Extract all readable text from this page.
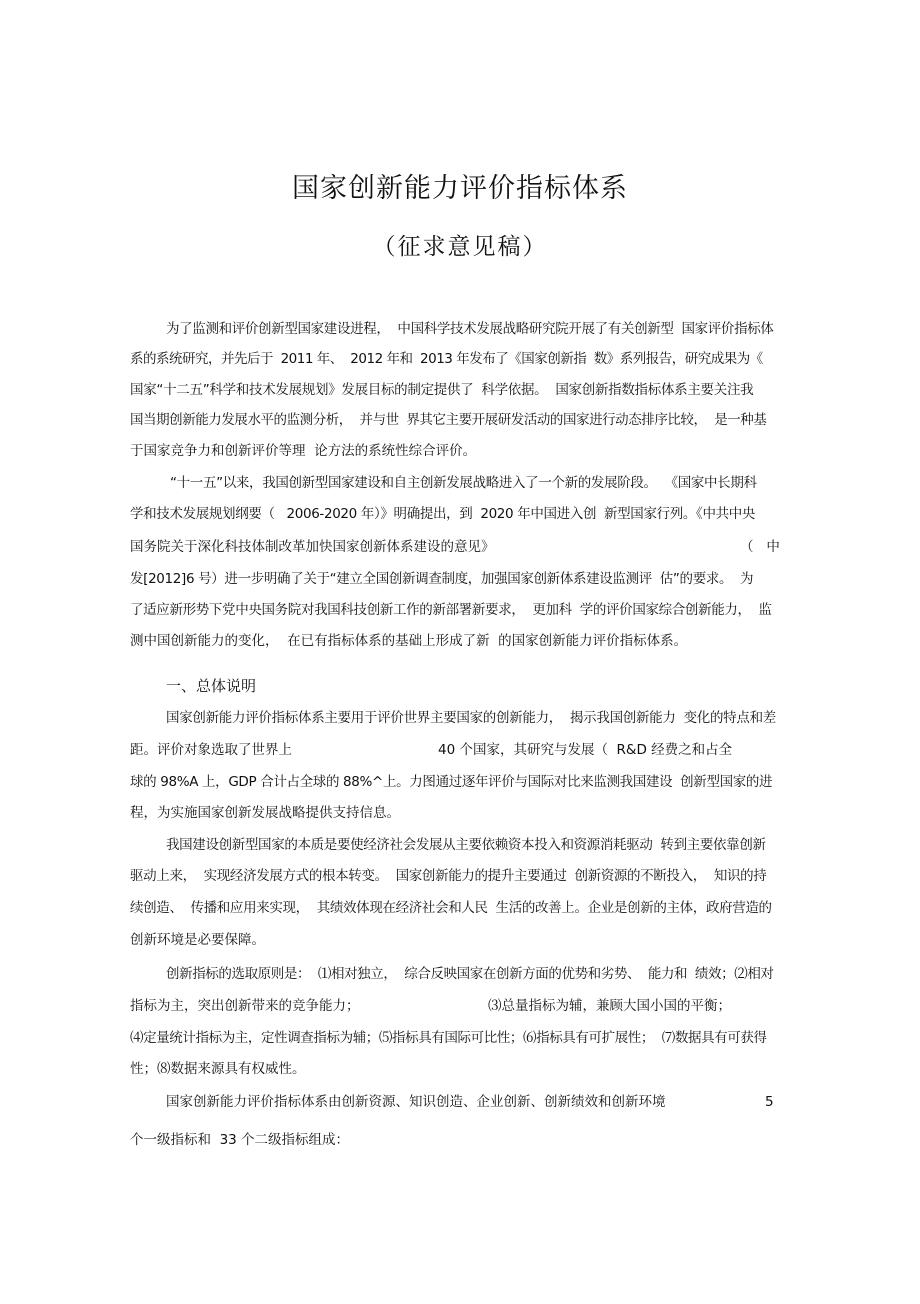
国家创新能力评价指标体系
（征求意见稿）
为了监测和评价创新型国家建设进程，  中国科学技术发展战略研究院开展了有关创新型  国家评价指标体
系的系统研究，并先后于  2011 年、  2012 年和  2013 年发布了《国家创新指  数》系列报告，研究成果为《
国家“十二五”科学和技术发展规划》发展目标的制定提供了  科学依据。  国家创新指数指标体系主要关注我
国当期创新能力发展水平的监测分析，  并与世  界其它主要开展研发活动的国家进行动态排序比较，  是一种基
于国家竞争力和创新评价等理  论方法的系统性综合评价。
“十一五”以来，我国创新型国家建设和自主创新发展战略进入了一个新的发展阶段。  《国家中长期科
学和技术发展规划纲要（   2006-2020 年）》明确提出，到  2020 年中国进入创  新型国家行列。《中共中央
国务院关于深化科技体制改革加快国家创新体系建设的意见》	（   中
发[2012]6 号）进一步明确了关于“建立全国创新调查制度，加强国家创新体系建设监测评  估”的要求。  为
了适应新形势下党中央国务院对我国科技创新工作的新部署新要求，  更加科  学的评价国家综合创新能力，  监
测中国创新能力的变化，  在已有指标体系的基础上形成了新  的国家创新能力评价指标体系。
一、总体说明
国家创新能力评价指标体系主要用于评价世界主要国家的创新能力，  揭示我国创新能力  变化的特点和差
距。评价对象选取了世界上	40 个国家，其研究与发展（  R&D 经费之和占全
球的 98%A 上，GDP 合计占全球的 88%^上。力图通过逐年评价与国际对比来监测我国建设  创新型国家的进
程，为实施国家创新发展战略提供支持信息。
我国建设创新型国家的本质是要使经济社会发展从主要依赖资本投入和资源消耗驱动  转到主要依靠创新
驱动上来，  实现经济发展方式的根本转变。  国家创新能力的提升主要通过  创新资源的不断投入，  知识的持
续创造、  传播和应用来实现，  其绩效体现在经济社会和人民  生活的改善上。企业是创新的主体，政府营造的
创新环境是必要保障。
创新指标的选取原则是：  ⑴相对独立，  综合反映国家在创新方面的优势和劣势、  能力和  绩效；⑵相对
指标为主，突出创新带来的竞争能力；	⑶总量指标为辅，兼顾大国小国的平衡；
⑷定量统计指标为主，定性调查指标为辅；⑸指标具有国际可比性；⑹指标具有可扩展性；  ⑺数据具有可获得
性；⑻数据来源具有权威性。
国家创新能力评价指标体系由创新资源、知识创造、企业创新、创新绩效和创新环境	5
个一级指标和  33 个二级指标组成：
